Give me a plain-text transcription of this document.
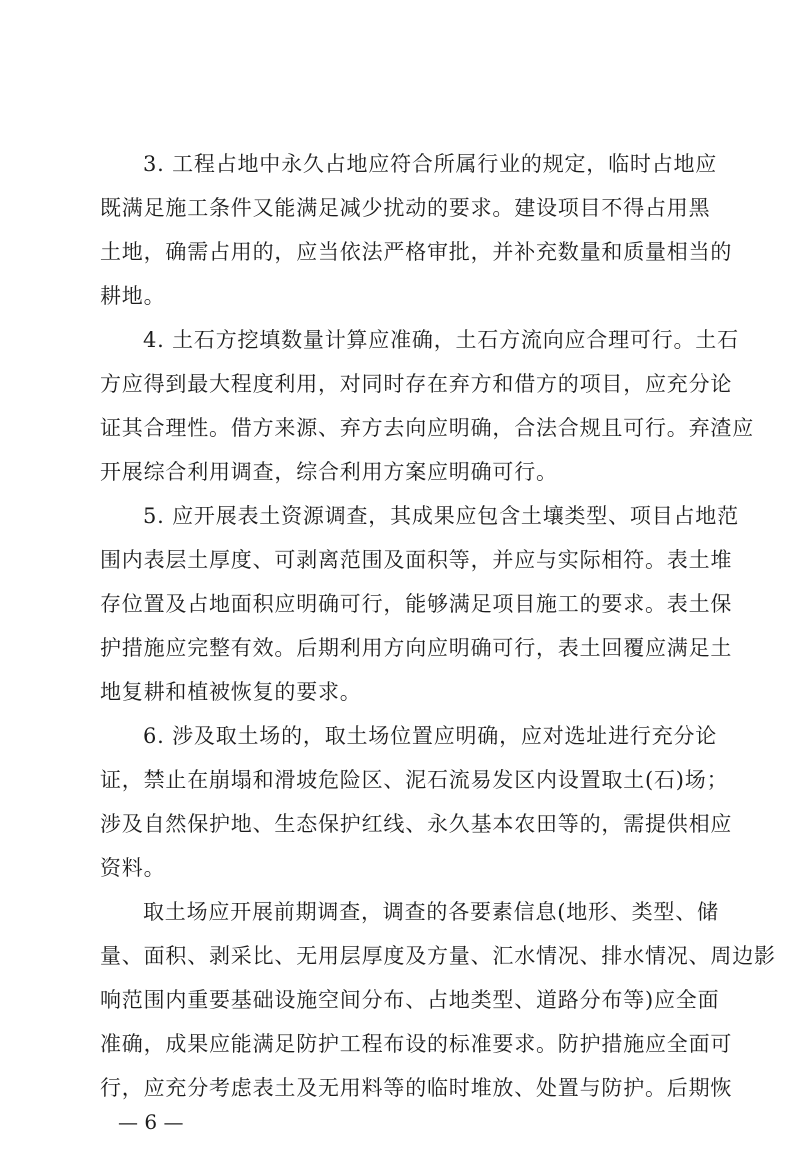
3. 工程占地中永久占地应符合所属行业的规定，临时占地应
既满足施工条件又能满足减少扰动的要求。建设项目不得占用黑
土地，确需占用的，应当依法严格审批，并补充数量和质量相当的
耕地。
4. 土石方挖填数量计算应准确，土石方流向应合理可行。土石
方应得到最大程度利用，对同时存在弃方和借方的项目，应充分论
证其合理性。借方来源、弃方去向应明确，合法合规且可行。弃渣应
开展综合利用调查，综合利用方案应明确可行。
5. 应开展表土资源调查，其成果应包含土壤类型、项目占地范
围内表层土厚度、可剥离范围及面积等，并应与实际相符。表土堆
存位置及占地面积应明确可行，能够满足项目施工的要求。表土保
护措施应完整有效。后期利用方向应明确可行，表土回覆应满足土
地复耕和植被恢复的要求。
6. 涉及取土场的，取土场位置应明确，应对选址进行充分论
证，禁止在崩塌和滑坡危险区、泥石流易发区内设置取土(石)场；
涉及自然保护地、生态保护红线、永久基本农田等的，需提供相应
资料。
取土场应开展前期调查，调查的各要素信息(地形、类型、储
量、面积、剥采比、无用层厚度及方量、汇水情况、排水情况、周边影
响范围内重要基础设施空间分布、占地类型、道路分布等)应全面
准确，成果应能满足防护工程布设的标准要求。防护措施应全面可
行，应充分考虑表土及无用料等的临时堆放、处置与防护。后期恢
— 6 —
